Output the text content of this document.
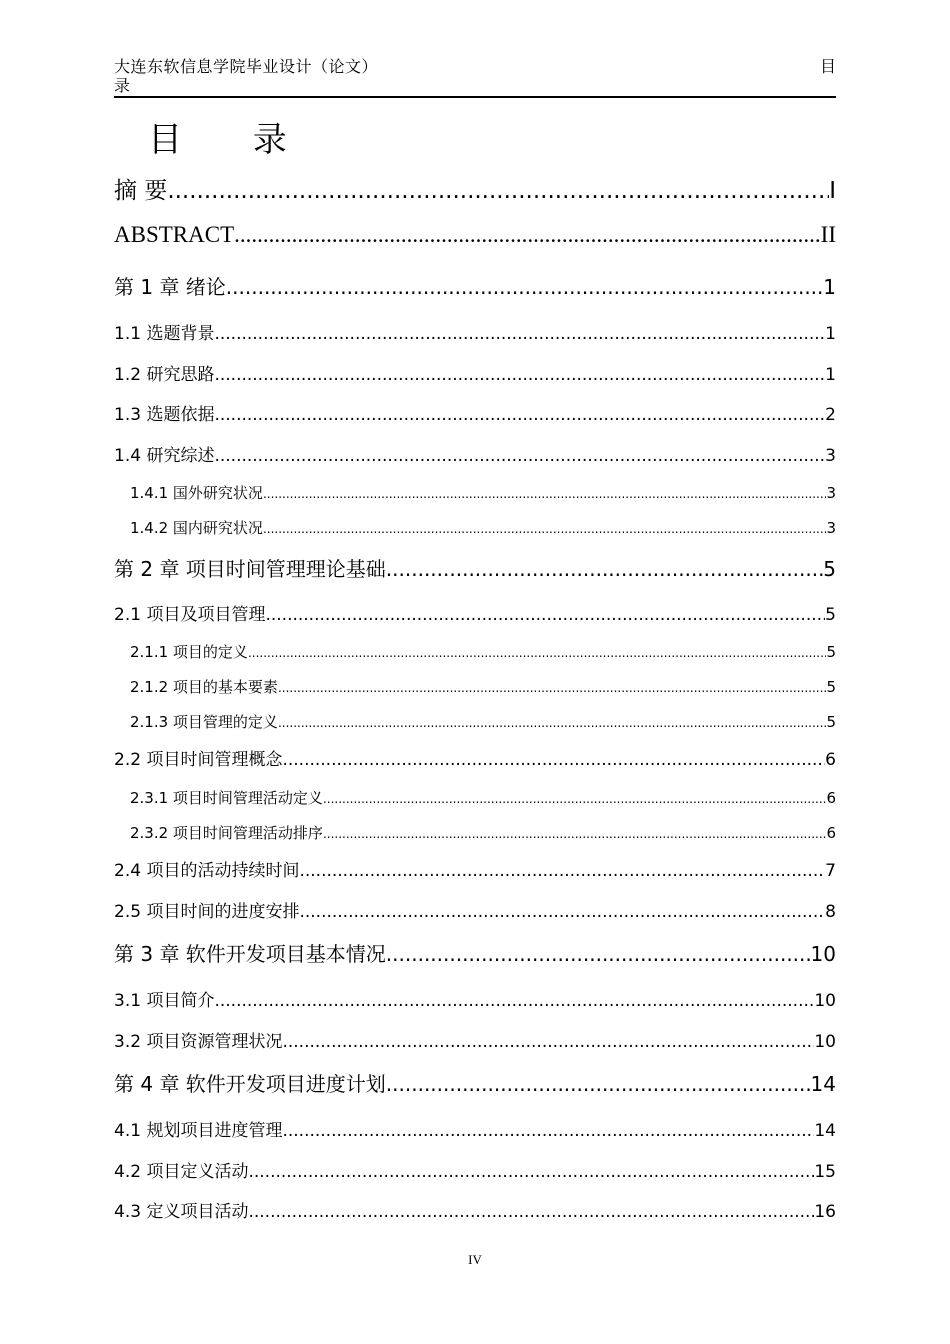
大连东软信息学院毕业设计（论文）
录
目
目 录
摘 要 .....	I
ABSTRACT .....	II
第 1 章 绪论 .....	1
1.1 选题背景 .....	1
1.2 研究思路 .....	1
1.3 选题依据 .....	2
1.4 研究综述 .....	3
1.4.1 国外研究状况 .....	3
1.4.2 国内研究状况 .....	3
第 2 章 项目时间管理理论基础 .....	5
2.1 项目及项目管理 .....	5
2.1.1 项目的定义 .....	5
2.1.2 项目的基本要素 .....	5
2.1.3 项目管理的定义 .....	5
2.2 项目时间管理概念 .....	6
2.3.1 项目时间管理活动定义 .....	6
2.3.2 项目时间管理活动排序 .....	6
2.4 项目的活动持续时间 .....	7
2.5 项目时间的进度安排 .....	8
第 3 章 软件开发项目基本情况 .....	10
3.1 项目简介 .....	10
3.2 项目资源管理状况 .....	10
第 4 章 软件开发项目进度计划 .....	14
4.1 规划项目进度管理 .....	14
4.2 项目定义活动 .....	15
4.3 定义项目活动 .....	16
IV
